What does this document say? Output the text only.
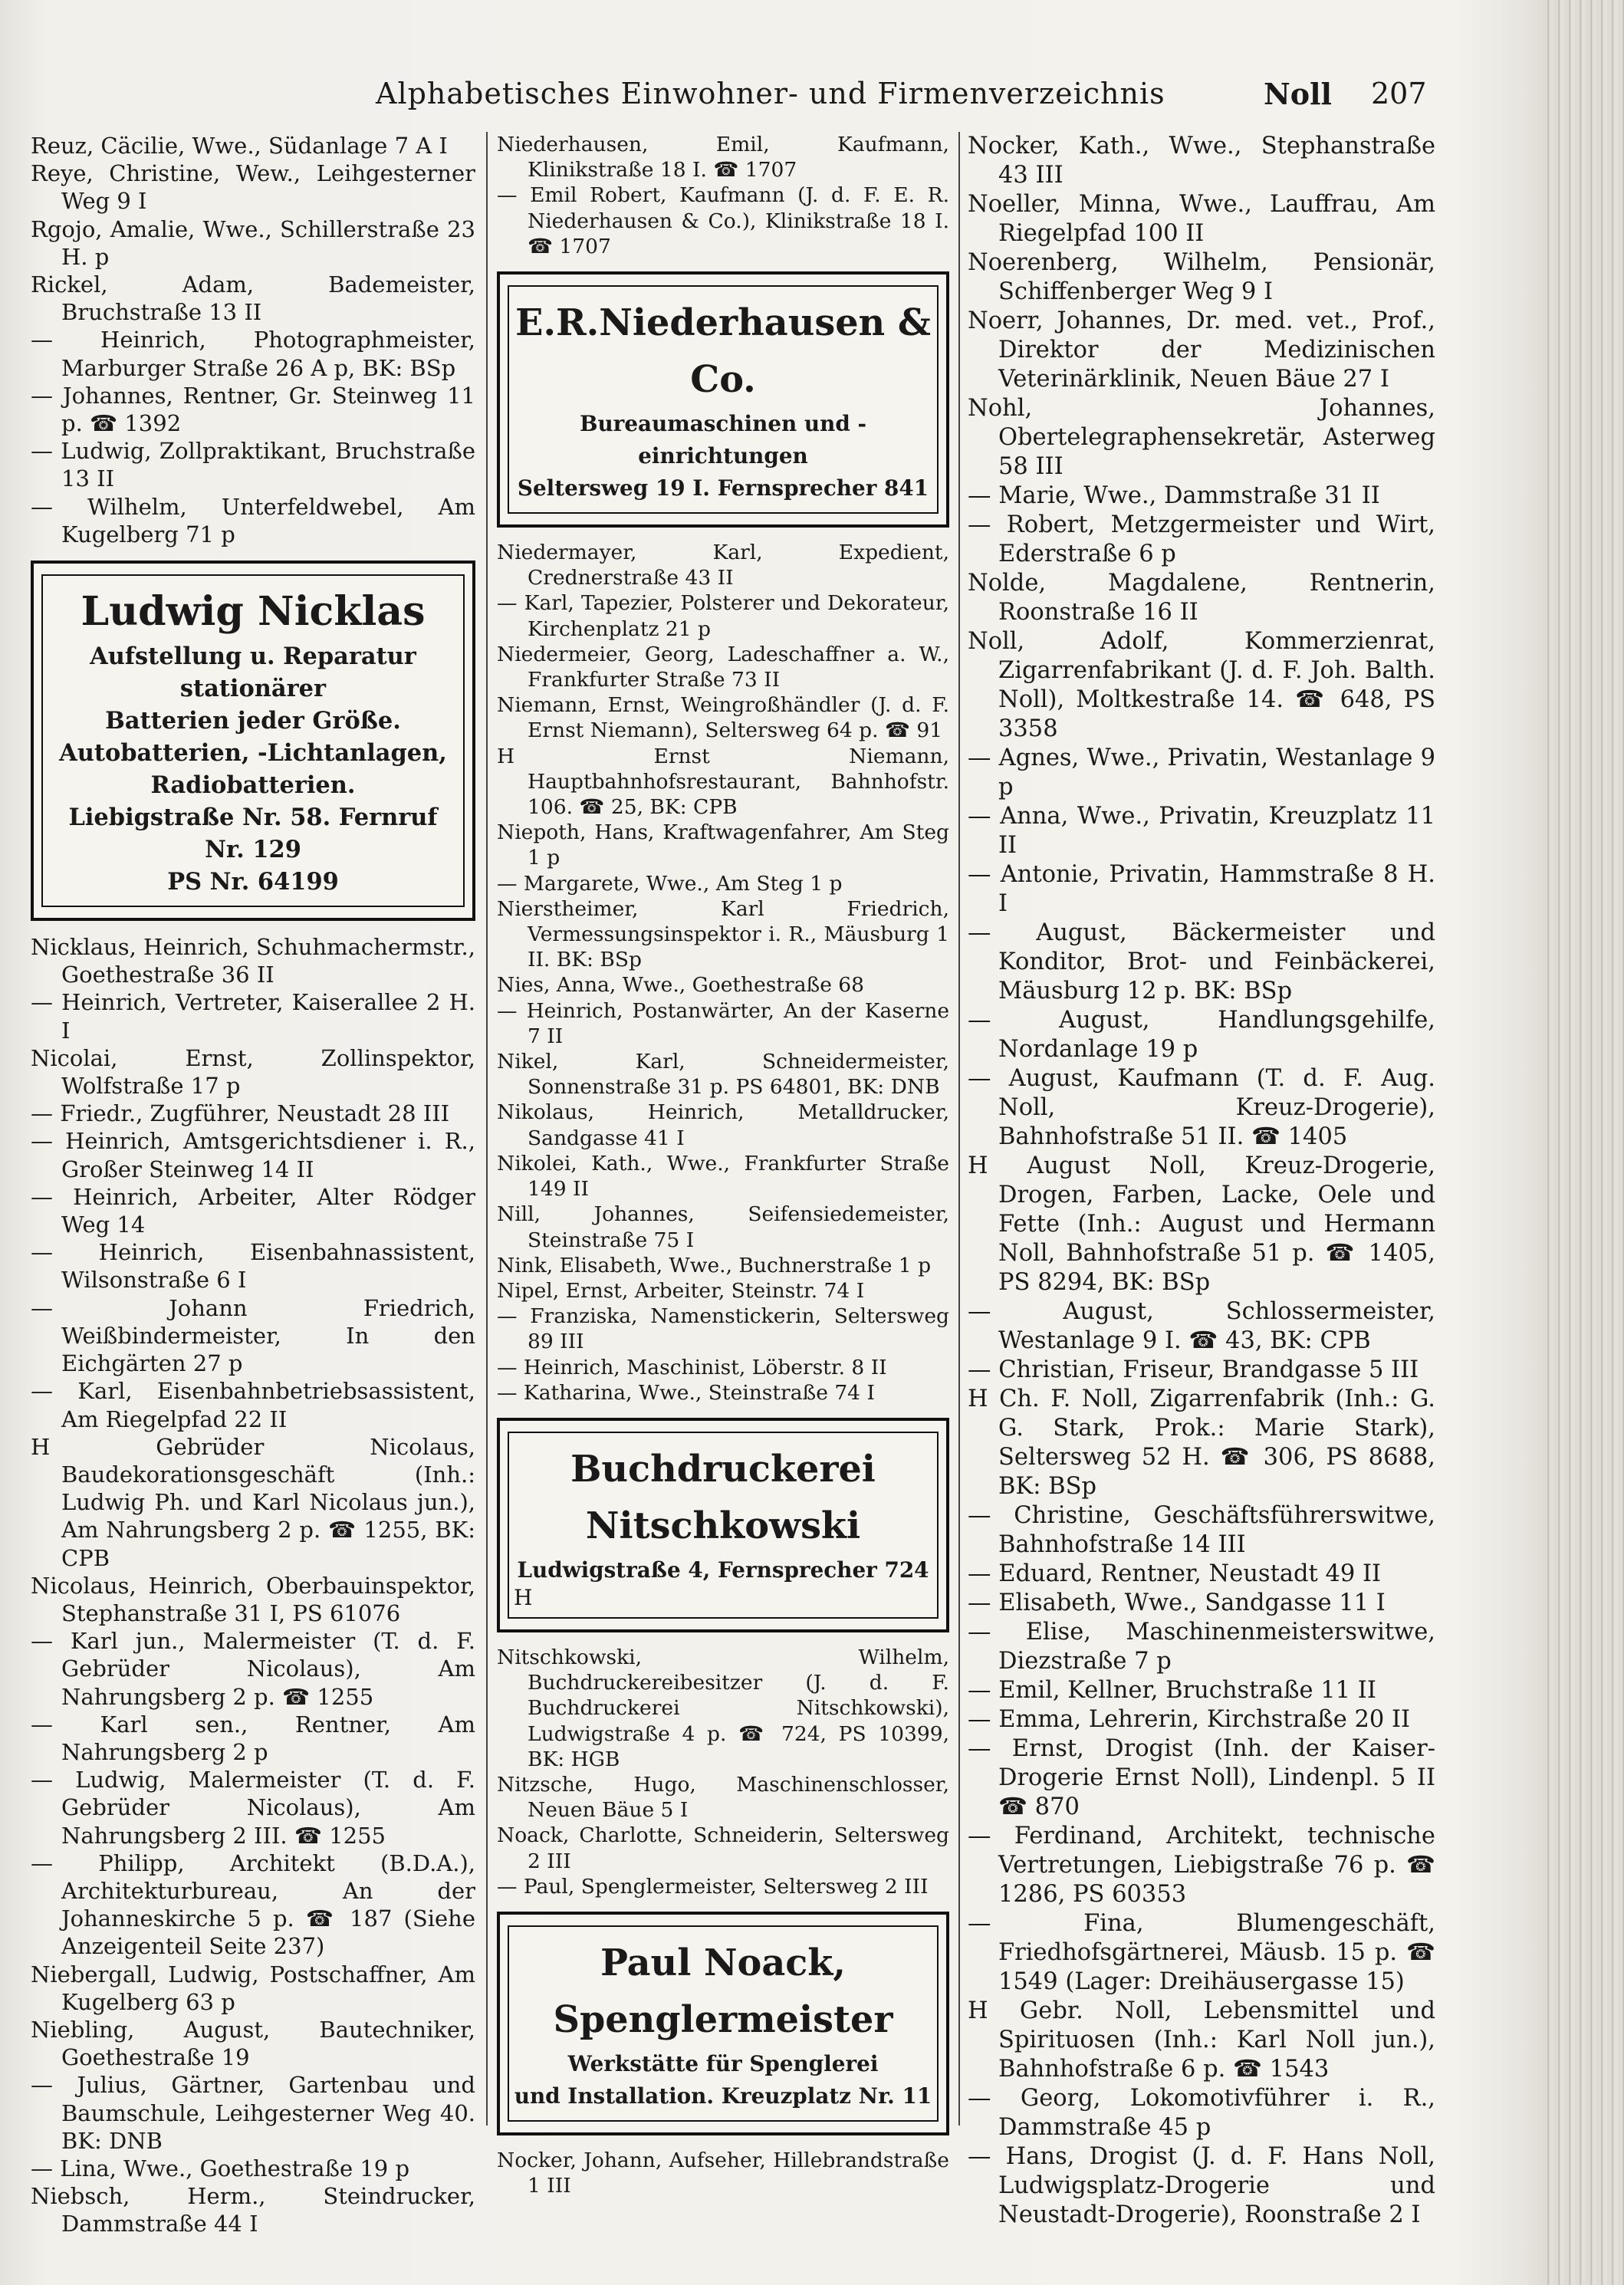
Alphabetisches Einwohner- und Firmenverzeichnis	Noll 207

Reuz, Cäcilie, Wwe., Südanlage 7 A I

Reye, Christine, Wew., Leihgesterner Weg 9 I

Rgojo, Amalie, Wwe., Schillerstraße 23 H. p

Rickel, Adam, Bademeister, Bruchstraße 13 II

— Heinrich, Photographmeister, Marburger Straße 26 A p, BK: BSp

— Johannes, Rentner, Gr. Steinweg 11 p. ☎ 1392

— Ludwig, Zollpraktikant, Bruchstraße 13 II

— Wilhelm, Unterfeldwebel, Am Kugelberg 71 p

Ludwig Nicklas
Aufstellung u. Reparatur stationärer
Batterien jeder Größe. Autobatterien, -Lichtanlagen, Radiobatterien.
Liebigstraße Nr. 58. Fernruf Nr. 129
PS Nr. 64199

Nicklaus, Heinrich, Schuhmachermstr., Goethestraße 36 II

— Heinrich, Vertreter, Kaiserallee 2 H. I

Nicolai, Ernst, Zollinspektor, Wolfstraße 17 p

— Friedr., Zugführer, Neustadt 28 III

— Heinrich, Amtsgerichtsdiener i. R., Großer Steinweg 14 II

— Heinrich, Arbeiter, Alter Rödger Weg 14

— Heinrich, Eisenbahnassistent, Wilsonstraße 6 I

— Johann Friedrich, Weißbindermeister, In den Eichgärten 27 p

— Karl, Eisenbahnbetriebsassistent, Am Riegelpfad 22 II

H Gebrüder Nicolaus, Baudekorationsgeschäft (Inh.: Ludwig Ph. und Karl Nicolaus jun.), Am Nahrungsberg 2 p. ☎ 1255, BK: CPB

Nicolaus, Heinrich, Oberbauinspektor, Stephanstraße 31 I, PS 61076

— Karl jun., Malermeister (T. d. F. Gebrüder Nicolaus), Am Nahrungsberg 2 p. ☎ 1255

— Karl sen., Rentner, Am Nahrungsberg 2 p

— Ludwig, Malermeister (T. d. F. Gebrüder Nicolaus), Am Nahrungsberg 2 III. ☎ 1255

— Philipp, Architekt (B.D.A.), Architekturbureau, An der Johanneskirche 5 p. ☎ 187 (Siehe Anzeigenteil Seite 237)

Niebergall, Ludwig, Postschaffner, Am Kugelberg 63 p

Niebling, August, Bautechniker, Goethestraße 19

— Julius, Gärtner, Gartenbau und Baumschule, Leihgesterner Weg 40. BK: DNB

— Lina, Wwe., Goethestraße 19 p

Niebsch, Herm., Steindrucker, Dammstraße 44 I

Niederhausen, Emil, Kaufmann, Klinikstraße 18 I. ☎ 1707

— Emil Robert, Kaufmann (J. d. F. E. R. Niederhausen & Co.), Klinikstraße 18 I. ☎ 1707

E.R.Niederhausen & Co.
Bureaumaschinen und -einrichtungen
Seltersweg 19 I. Fernsprecher 841

Niedermayer, Karl, Expedient, Crednerstraße 43 II

— Karl, Tapezier, Polsterer und Dekorateur, Kirchenplatz 21 p

Niedermeier, Georg, Ladeschaffner a. W., Frankfurter Straße 73 II

Niemann, Ernst, Weingroßhändler (J. d. F. Ernst Niemann), Seltersweg 64 p. ☎ 91

H Ernst Niemann, Hauptbahnhofsrestaurant, Bahnhofstr. 106. ☎ 25, BK: CPB

Niepoth, Hans, Kraftwagenfahrer, Am Steg 1 p

— Margarete, Wwe., Am Steg 1 p

Nierstheimer, Karl Friedrich, Vermessungsinspektor i. R., Mäusburg 1 II. BK: BSp

Nies, Anna, Wwe., Goethestraße 68

— Heinrich, Postanwärter, An der Kaserne 7 II

Nikel, Karl, Schneidermeister, Sonnenstraße 31 p. PS 64801, BK: DNB

Nikolaus, Heinrich, Metalldrucker, Sandgasse 41 I

Nikolei, Kath., Wwe., Frankfurter Straße 149 II

Nill, Johannes, Seifensiedemeister, Steinstraße 75 I

Nink, Elisabeth, Wwe., Buchnerstraße 1 p

Nipel, Ernst, Arbeiter, Steinstr. 74 I

— Franziska, Namenstickerin, Seltersweg 89 III

— Heinrich, Maschinist, Löberstr. 8 II

— Katharina, Wwe., Steinstraße 74 I

Buchdruckerei Nitschkowski
Ludwigstraße 4, Fernsprecher 724
H

Nitschkowski, Wilhelm, Buchdruckereibesitzer (J. d. F. Buchdruckerei Nitschkowski), Ludwigstraße 4 p. ☎ 724, PS 10399, BK: HGB

Nitzsche, Hugo, Maschinenschlosser, Neuen Bäue 5 I

Noack, Charlotte, Schneiderin, Seltersweg 2 III

— Paul, Spenglermeister, Seltersweg 2 III

Paul Noack, Spenglermeister
Werkstätte für Spenglerei
und Installation. Kreuzplatz Nr. 11

Nocker, Johann, Aufseher, Hillebrandstraße 1 III

Nocker, Kath., Wwe., Stephanstraße 43 III

Noeller, Minna, Wwe., Lauffrau, Am Riegelpfad 100 II

Noerenberg, Wilhelm, Pensionär, Schiffenberger Weg 9 I

Noerr, Johannes, Dr. med. vet., Prof., Direktor der Medizinischen Veterinärklinik, Neuen Bäue 27 I

Nohl, Johannes, Obertelegraphensekretär, Asterweg 58 III

— Marie, Wwe., Dammstraße 31 II

— Robert, Metzgermeister und Wirt, Ederstraße 6 p

Nolde, Magdalene, Rentnerin, Roonstraße 16 II

Noll, Adolf, Kommerzienrat, Zigarrenfabrikant (J. d. F. Joh. Balth. Noll), Moltkestraße 14. ☎ 648, PS 3358

— Agnes, Wwe., Privatin, Westanlage 9 p

— Anna, Wwe., Privatin, Kreuzplatz 11 II

— Antonie, Privatin, Hammstraße 8 H. I

— August, Bäckermeister und Konditor, Brot- und Feinbäckerei, Mäusburg 12 p. BK: BSp

— August, Handlungsgehilfe, Nordanlage 19 p

— August, Kaufmann (T. d. F. Aug. Noll, Kreuz-Drogerie), Bahnhofstraße 51 II. ☎ 1405

H August Noll, Kreuz-Drogerie, Drogen, Farben, Lacke, Oele und Fette (Inh.: August und Hermann Noll, Bahnhofstraße 51 p. ☎ 1405, PS 8294, BK: BSp

— August, Schlossermeister, Westanlage 9 I. ☎ 43, BK: CPB

— Christian, Friseur, Brandgasse 5 III

H Ch. F. Noll, Zigarrenfabrik (Inh.: G. G. Stark, Prok.: Marie Stark), Seltersweg 52 H. ☎ 306, PS 8688, BK: BSp

— Christine, Geschäftsführerswitwe, Bahnhofstraße 14 III

— Eduard, Rentner, Neustadt 49 II

— Elisabeth, Wwe., Sandgasse 11 I

— Elise, Maschinenmeisterswitwe, Diezstraße 7 p

— Emil, Kellner, Bruchstraße 11 II

— Emma, Lehrerin, Kirchstraße 20 II

— Ernst, Drogist (Inh. der Kaiser-Drogerie Ernst Noll), Lindenpl. 5 II ☎ 870

— Ferdinand, Architekt, technische Vertretungen, Liebigstraße 76 p. ☎ 1286, PS 60353

— Fina, Blumengeschäft, Friedhofsgärtnerei, Mäusb. 15 p. ☎ 1549 (Lager: Dreihäusergasse 15)

H Gebr. Noll, Lebensmittel und Spirituosen (Inh.: Karl Noll jun.), Bahnhofstraße 6 p. ☎ 1543

— Georg, Lokomotivführer i. R., Dammstraße 45 p

— Hans, Drogist (J. d. F. Hans Noll, Ludwigsplatz-Drogerie und Neustadt-Drogerie), Roonstraße 2 I
